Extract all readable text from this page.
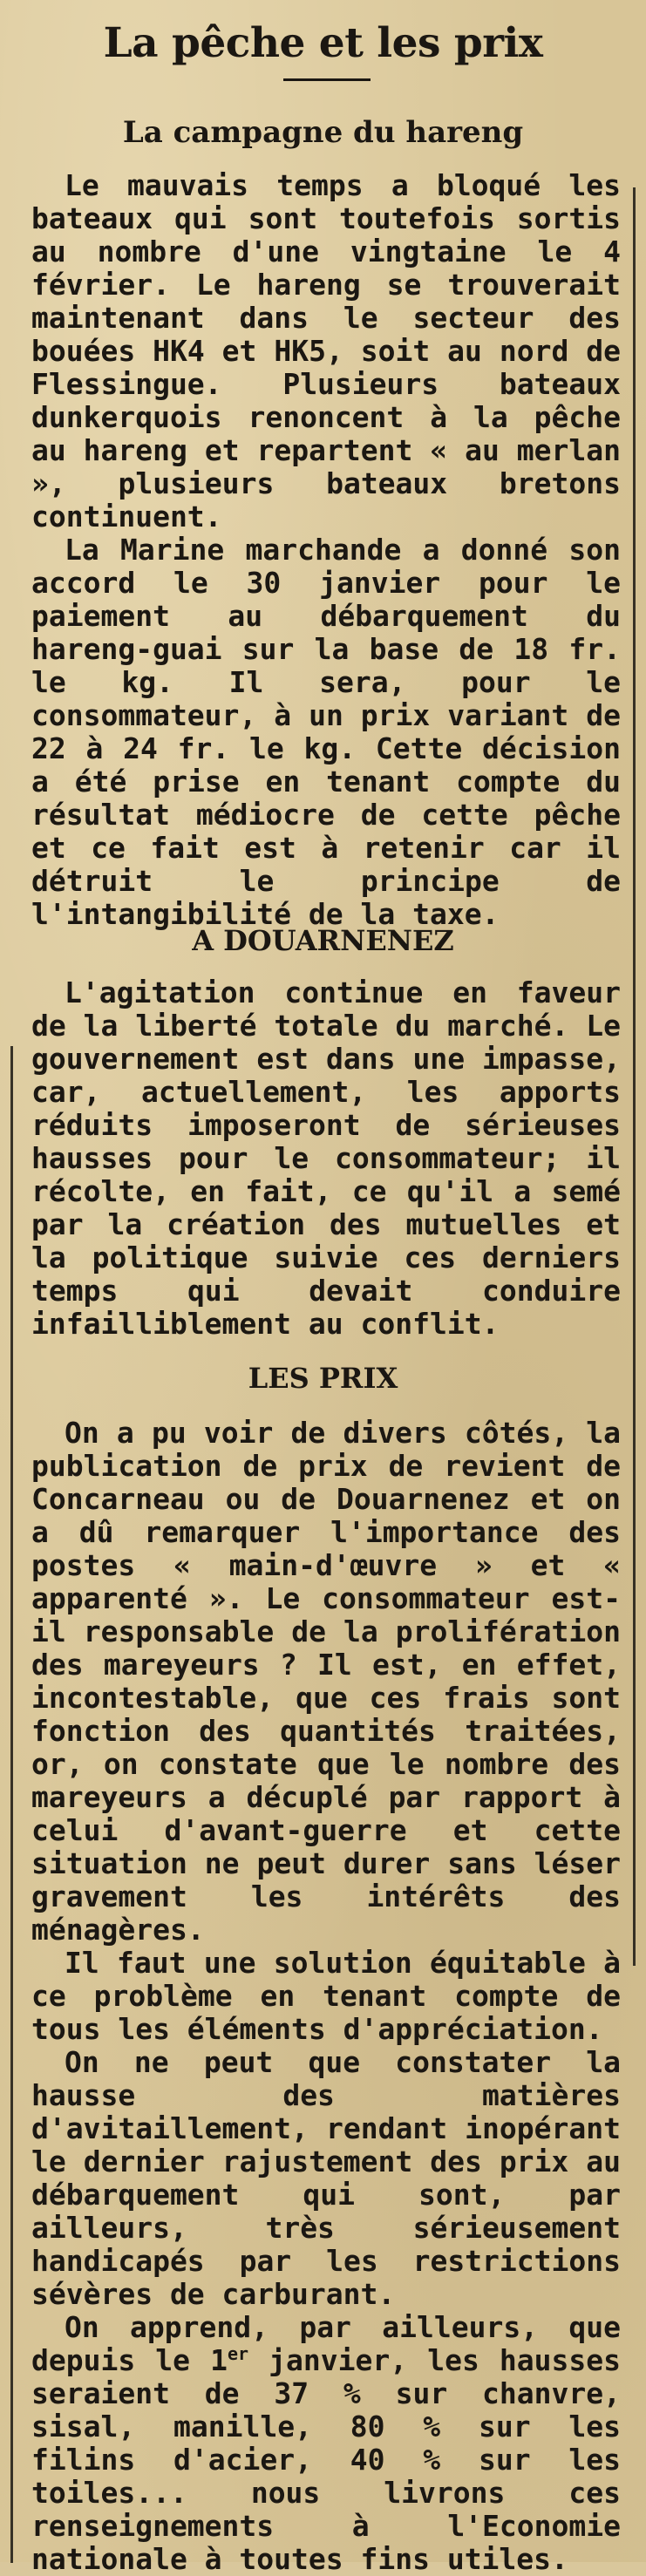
La pêche et les prix
La campagne du hareng

Le mauvais temps a bloqué les bateaux qui sont toutefois sortis au nombre d'une vingtaine le 4 février. Le hareng se trouverait maintenant dans le secteur des bouées HK4 et HK5, soit au nord de Flessingue. Plusieurs bateaux dunkerquois renoncent à la pêche au hareng et repartent « au merlan », plusieurs bateaux bretons continuent.

La Marine marchande a donné son accord le 30 janvier pour le paiement au débarquement du hareng-guai sur la base de 18 fr. le kg. Il sera, pour le consommateur, à un prix variant de 22 à 24 fr. le kg. Cette décision a été prise en tenant compte du résultat médiocre de cette pêche et ce fait est à retenir car il détruit le principe de l'intangibilité de la taxe.

A DOUARNENEZ

L'agitation continue en faveur de la liberté totale du marché. Le gouvernement est dans une impasse, car, actuellement, les apports réduits imposeront de sérieuses hausses pour le consommateur; il récolte, en fait, ce qu'il a semé par la création des mutuelles et la politique suivie ces derniers temps qui devait conduire infailliblement au conflit.

LES PRIX

On a pu voir de divers côtés, la publication de prix de revient de Concarneau ou de Douarnenez et on a dû remarquer l'importance des postes « main-d'œuvre » et « apparenté ». Le consommateur est-il responsable de la prolifération des mareyeurs ? Il est, en effet, incontestable, que ces frais sont fonction des quantités traitées, or, on constate que le nombre des mareyeurs a décuplé par rapport à celui d'avant-guerre et cette situation ne peut durer sans léser gravement les intérêts des ménagères.

Il faut une solution équitable à ce problème en tenant compte de tous les éléments d'appréciation.

On ne peut que constater la hausse des matières d'avitaillement, rendant inopérant le dernier rajustement des prix au débarquement qui sont, par ailleurs, très sérieusement handicapés par les restrictions sévères de carburant.

On apprend, par ailleurs, que depuis le 1er janvier, les hausses seraient de 37 % sur chanvre, sisal, manille, 80 % sur les filins d'acier, 40 % sur les toiles... nous livrons ces renseignements à l'Economie nationale à toutes fins utiles.
